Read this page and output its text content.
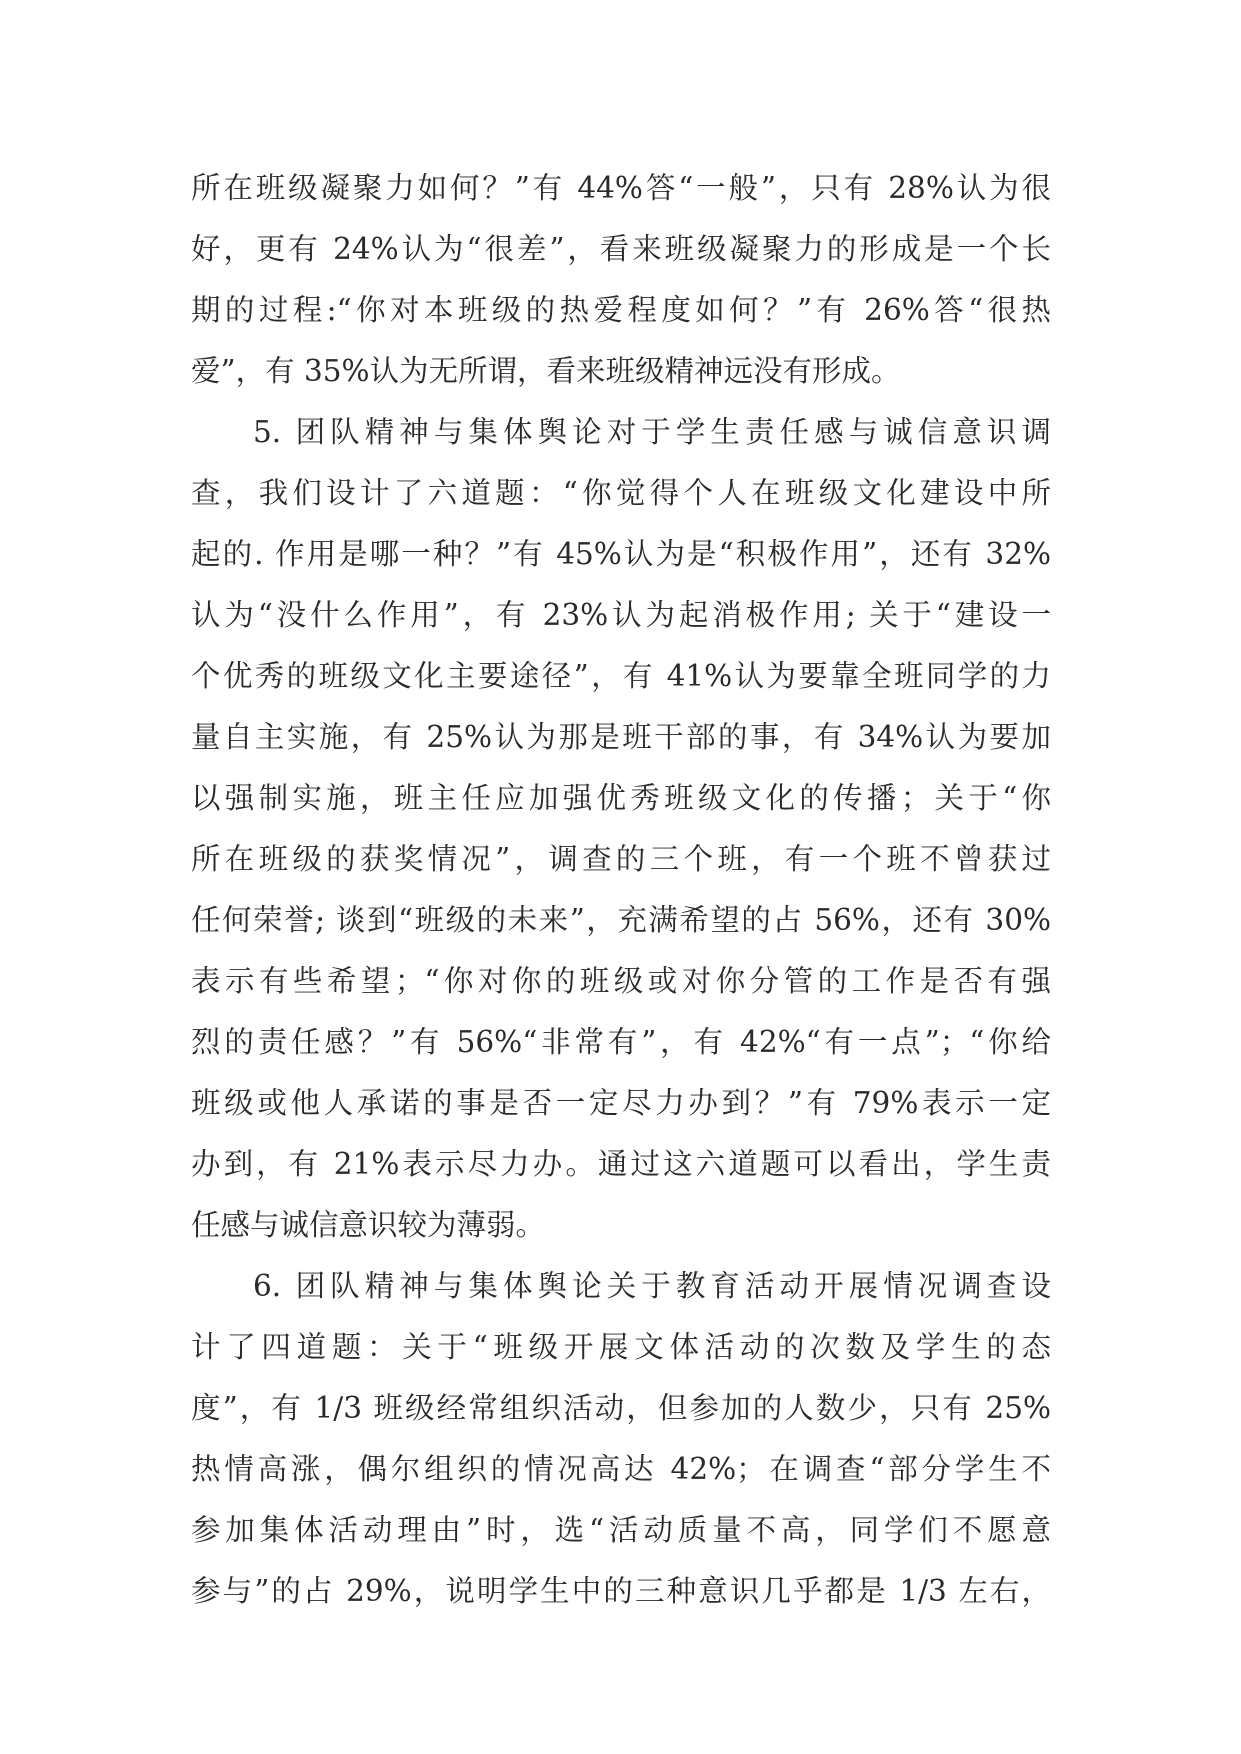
所在班级凝聚力如何？”有 44%答“一般”，只有 28%认为很
好，更有 24%认为“很差”，看来班级凝聚力的形成是一个长
期的过程:“你对本班级的热爱程度如何？”有 26%答“很热
爱”，有 35%认为无所谓，看来班级精神远没有形成。
5. 团队精神与集体舆论对于学生责任感与诚信意识调
查，我们设计了六道题：“你觉得个人在班级文化建设中所
起的. 作用是哪一种？”有 45%认为是“积极作用”，还有 32%
认为“没什么作用”，有 23%认为起消极作用; 关于“建设一
个优秀的班级文化主要途径”，有 41%认为要靠全班同学的力
量自主实施，有 25%认为那是班干部的事，有 34%认为要加
以强制实施，班主任应加强优秀班级文化的传播；关于“你
所在班级的获奖情况”，调查的三个班，有一个班不曾获过
任何荣誉; 谈到“班级的未来”，充满希望的占 56%，还有 30%
表示有些希望；“你对你的班级或对你分管的工作是否有强
烈的责任感？”有 56%“非常有”，有 42%“有一点”；“你给
班级或他人承诺的事是否一定尽力办到？”有 79%表示一定
办到，有 21%表示尽力办。通过这六道题可以看出，学生责
任感与诚信意识较为薄弱。
6. 团队精神与集体舆论关于教育活动开展情况调查设
计了四道题：关于“班级开展文体活动的次数及学生的态
度”，有 1/3 班级经常组织活动，但参加的人数少，只有 25%
热情高涨，偶尔组织的情况高达 42%；在调查“部分学生不
参加集体活动理由”时，选“活动质量不高，同学们不愿意
参与”的占 29%，说明学生中的三种意识几乎都是 1/3 左右，
